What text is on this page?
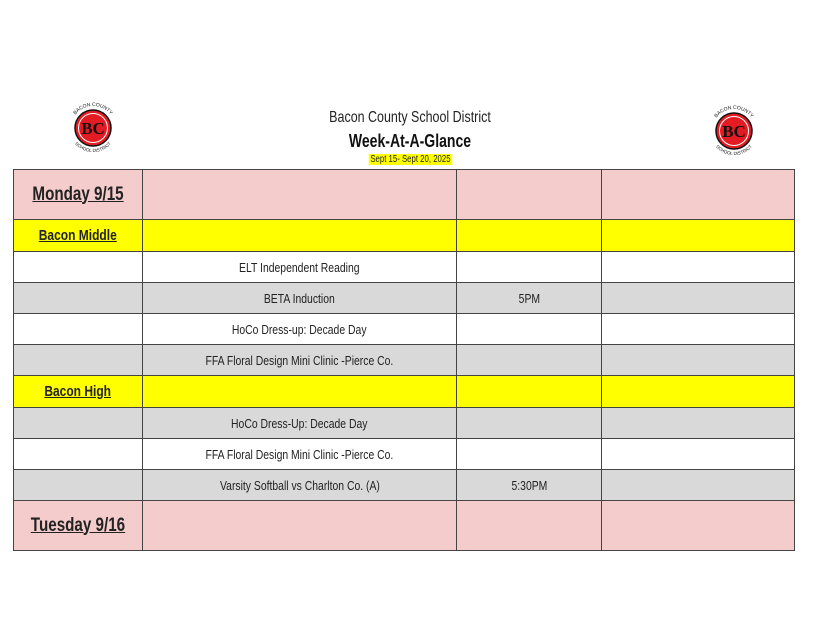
BC
BACON COUNTY
SCHOOL DISTRICT
BC
BACON COUNTY
SCHOOL DISTRICT
Bacon County School District
Week-At-A-Glance
Sept 15- Sept 20, 2025
Monday 9/15			
Bacon Middle			
	ELT Independent Reading		
	BETA Induction	5PM	
	HoCo Dress-up: Decade Day		
	FFA Floral Design Mini Clinic -Pierce Co.		
Bacon High			
	HoCo Dress-Up: Decade Day		
	FFA Floral Design Mini Clinic -Pierce Co.		
	Varsity Softball vs Charlton Co. (A)	5:30PM	
Tuesday 9/16			
